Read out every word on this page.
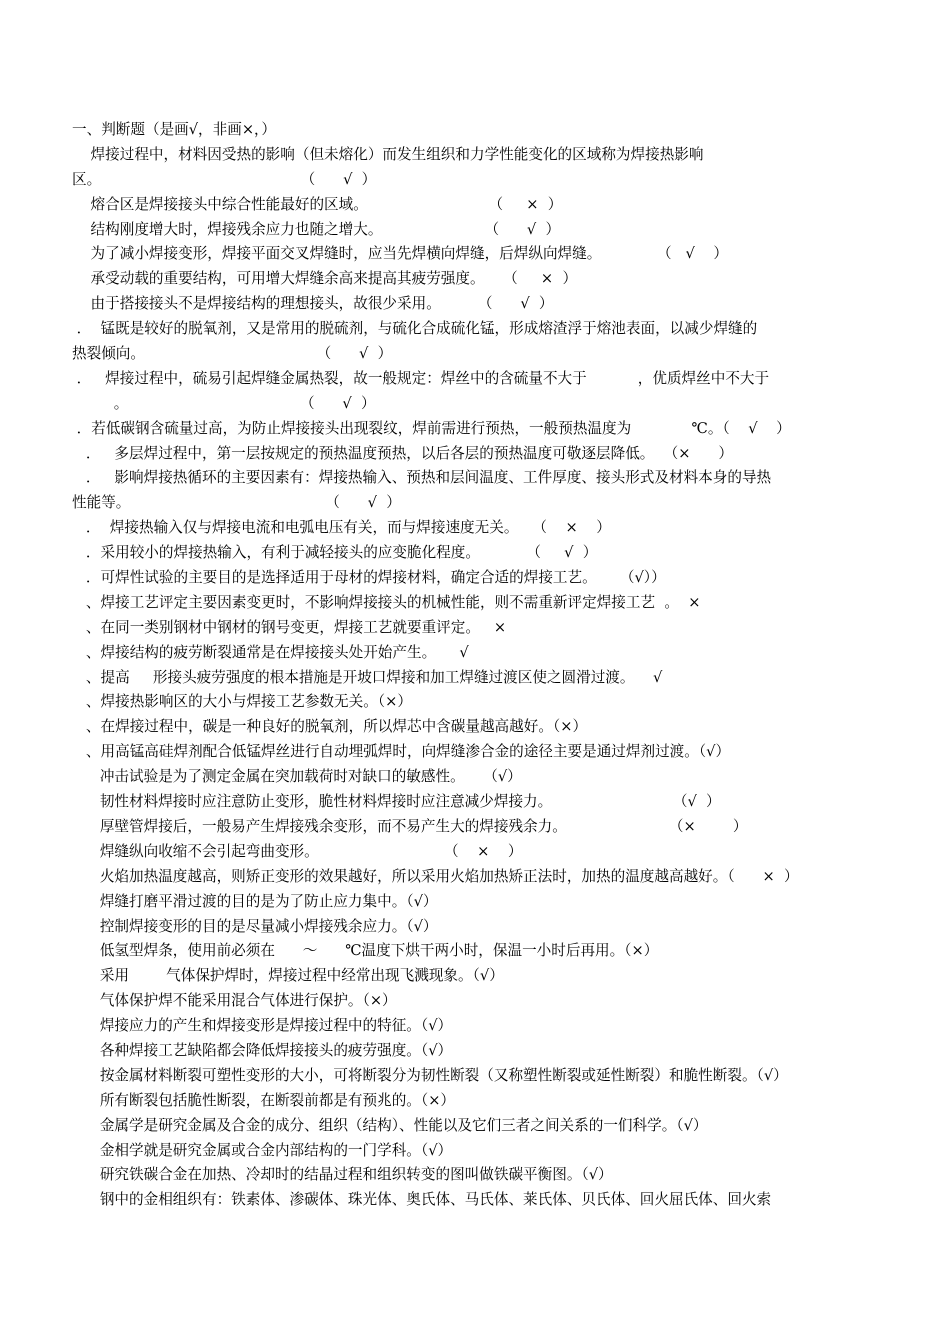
一、判断题（是画√，非画×，）
焊接过程中，材料因受热的影响（但未熔化）而发生组织和力学性能变化的区域称为焊接热影响
区。                                           （      √  ）
熔合区是焊接接头中综合性能最好的区域。                          （     ×  ）
结构刚度增大时，焊接残余应力也随之增大。                      （      √  ）
为了减小焊接变形，焊接平面交叉焊缝时，应当先焊横向焊缝，后焊纵向焊缝。            （   √    ）
承受动载的重要结构，可用增大焊缝余高来提高其疲劳强度。    （     ×  ）
由于搭接接头不是焊接结构的理想接头，故很少采用。        （      √  ）
．  锰既是较好的脱氧剂，又是常用的脱硫剂，与硫化合成硫化锰，形成熔渣浮于熔池表面，以减少焊缝的
热裂倾向。                                     （      √  ）
．   焊接过程中，硫易引起焊缝金属热裂，故一般规定：焊丝中的含硫量不大于           ，优质焊丝中不大于
。                                     （      √  ）
．若低碳钢含硫量过高，为防止焊接接头出现裂纹，焊前需进行预热，一般预热温度为             ℃。（    √    ）
．   多层焊过程中，第一层按规定的预热温度预热，以后各层的预热温度可敬逐层降低。  （×      ）
．   影响焊接热循环的主要因素有：焊接热输入、预热和层间温度、工件厚度、接头形式及材料本身的导热
性能等。                                          （      √  ）
．  焊接热输入仅与焊接电流和电弧电压有关，而与焊接速度无关。   （    ×    ）
．采用较小的焊接热输入，有利于减轻接头的应变脆化程度。          （     √  ）
．可焊性试验的主要目的是选择适用于母材的焊接材料，确定合适的焊接工艺。     （√））
、焊接工艺评定主要因素变更时，不影响焊接接头的机械性能，则不需重新评定焊接工艺  。  ×
、在同一类别钢材中钢材的钢号变更，焊接工艺就要重评定。   ×
、焊接结构的疲劳断裂通常是在焊接接头处开始产生。     √
、提高     形接头疲劳强度的根本措施是开坡口焊接和加工焊缝过渡区使之圆滑过渡。    √
、焊接热影响区的大小与焊接工艺参数无关。（×）
、在焊接过程中，碳是一种良好的脱氧剂，所以焊芯中含碳量越高越好。（×）
、用高锰高硅焊剂配合低锰焊丝进行自动埋弧焊时，向焊缝渗合金的途径主要是通过焊剂过渡。（√）
冲击试验是为了测定金属在突加载荷时对缺口的敏感性。    （√）
韧性材料焊接时应注意防止变形，脆性材料焊接时应注意减少焊接力。                          （√  ）
厚壁管焊接后，一般易产生焊接残余变形，而不易产生大的焊接残余力。                      （×        ）
焊缝纵向收缩不会引起弯曲变形。                           （    ×    ）
火焰加热温度越高，则矫正变形的效果越好，所以采用火焰加热矫正法时，加热的温度越高越好。（      ×  ）
焊缝打磨平滑过渡的目的是为了防止应力集中。（√）
控制焊接变形的目的是尽量减小焊接残余应力。（√）
低氢型焊条，使用前必须在      ～      ℃温度下烘干两小时，保温一小时后再用。（×）
采用        气体保护焊时，焊接过程中经常出现飞溅现象。（√）
气体保护焊不能采用混合气体进行保护。（×）
焊接应力的产生和焊接变形是焊接过程中的特征。（√）
各种焊接工艺缺陷都会降低焊接接头的疲劳强度。（√）
按金属材料断裂可塑性变形的大小，可将断裂分为韧性断裂（又称塑性断裂或延性断裂）和脆性断裂。（√）
所有断裂包括脆性断裂，在断裂前都是有预兆的。（×）
金属学是研究金属及合金的成分、组织（结构）、性能以及它们三者之间关系的一们科学。（√）
金相学就是研究金属或合金内部结构的一门学科。（√）
研究铁碳合金在加热、冷却时的结晶过程和组织转变的图叫做铁碳平衡图。（√）
钢中的金相组织有：铁素体、渗碳体、珠光体、奥氏体、马氏体、莱氏体、贝氏体、回火屈氏体、回火索
